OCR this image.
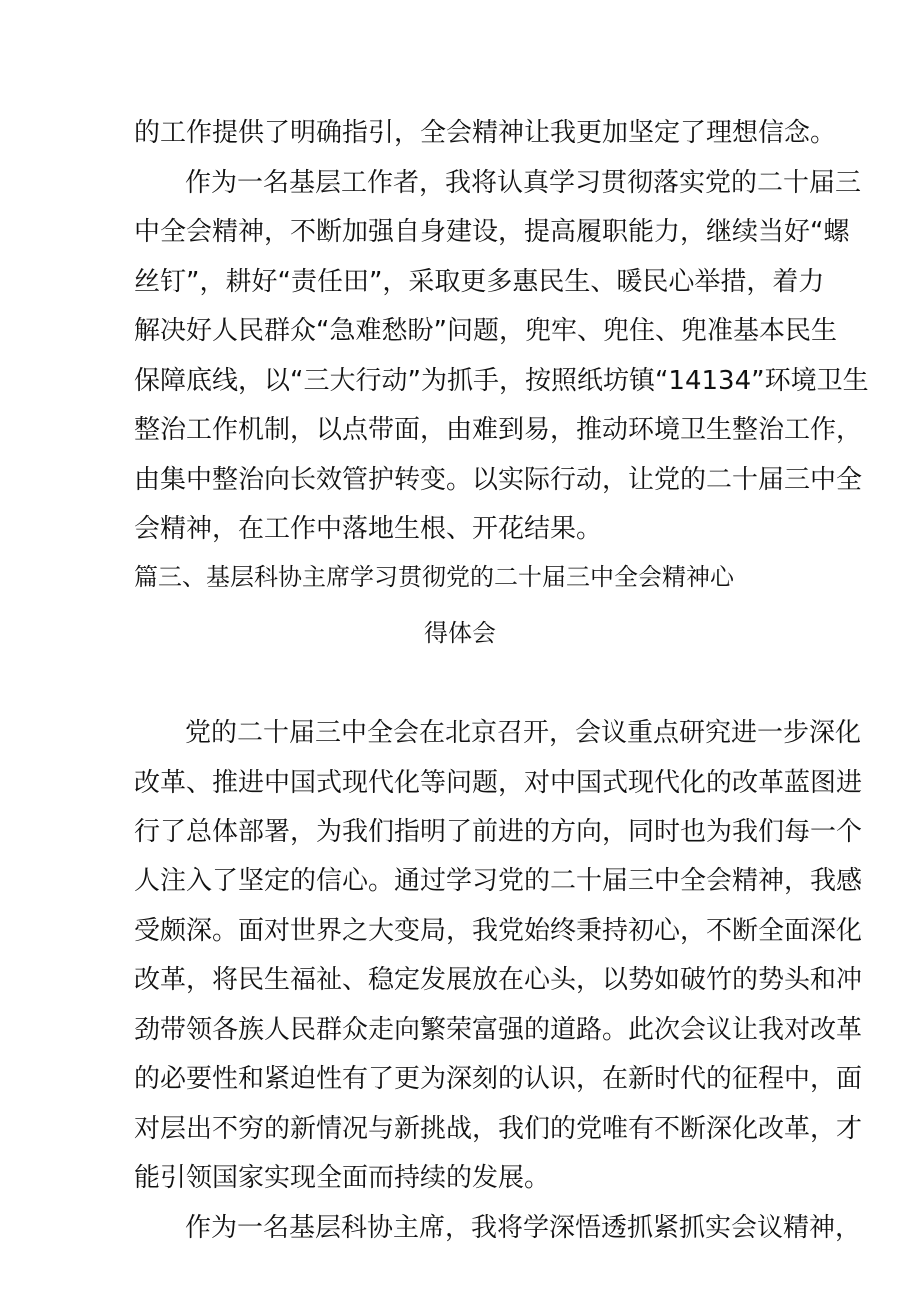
的工作提供了明确指引，全会精神让我更加坚定了理想信念。
作为一名基层工作者，我将认真学习贯彻落实党的二十届三
中全会精神，不断加强自身建设，提高履职能力，继续当好“螺
丝钉”，耕好“责任田”，采取更多惠民生、暖民心举措，着力
解决好人民群众“急难愁盼”问题，兜牢、兜住、兜准基本民生
保障底线，以“三大行动”为抓手，按照纸坊镇“14134”环境卫生
整治工作机制，以点带面，由难到易，推动环境卫生整治工作，
由集中整治向长效管护转变。以实际行动，让党的二十届三中全
会精神，在工作中落地生根、开花结果。
篇三、基层科协主席学习贯彻党的二十届三中全会精神心
得体会
党的二十届三中全会在北京召开，会议重点研究进一步深化
改革、推进中国式现代化等问题，对中国式现代化的改革蓝图进
行了总体部署，为我们指明了前进的方向，同时也为我们每一个
人注入了坚定的信心。通过学习党的二十届三中全会精神，我感
受颇深。面对世界之大变局，我党始终秉持初心，不断全面深化
改革，将民生福祉、稳定发展放在心头，以势如破竹的势头和冲
劲带领各族人民群众走向繁荣富强的道路。此次会议让我对改革
的必要性和紧迫性有了更为深刻的认识，在新时代的征程中，面
对层出不穷的新情况与新挑战，我们的党唯有不断深化改革，才
能引领国家实现全面而持续的发展。
作为一名基层科协主席，我将学深悟透抓紧抓实会议精神，
